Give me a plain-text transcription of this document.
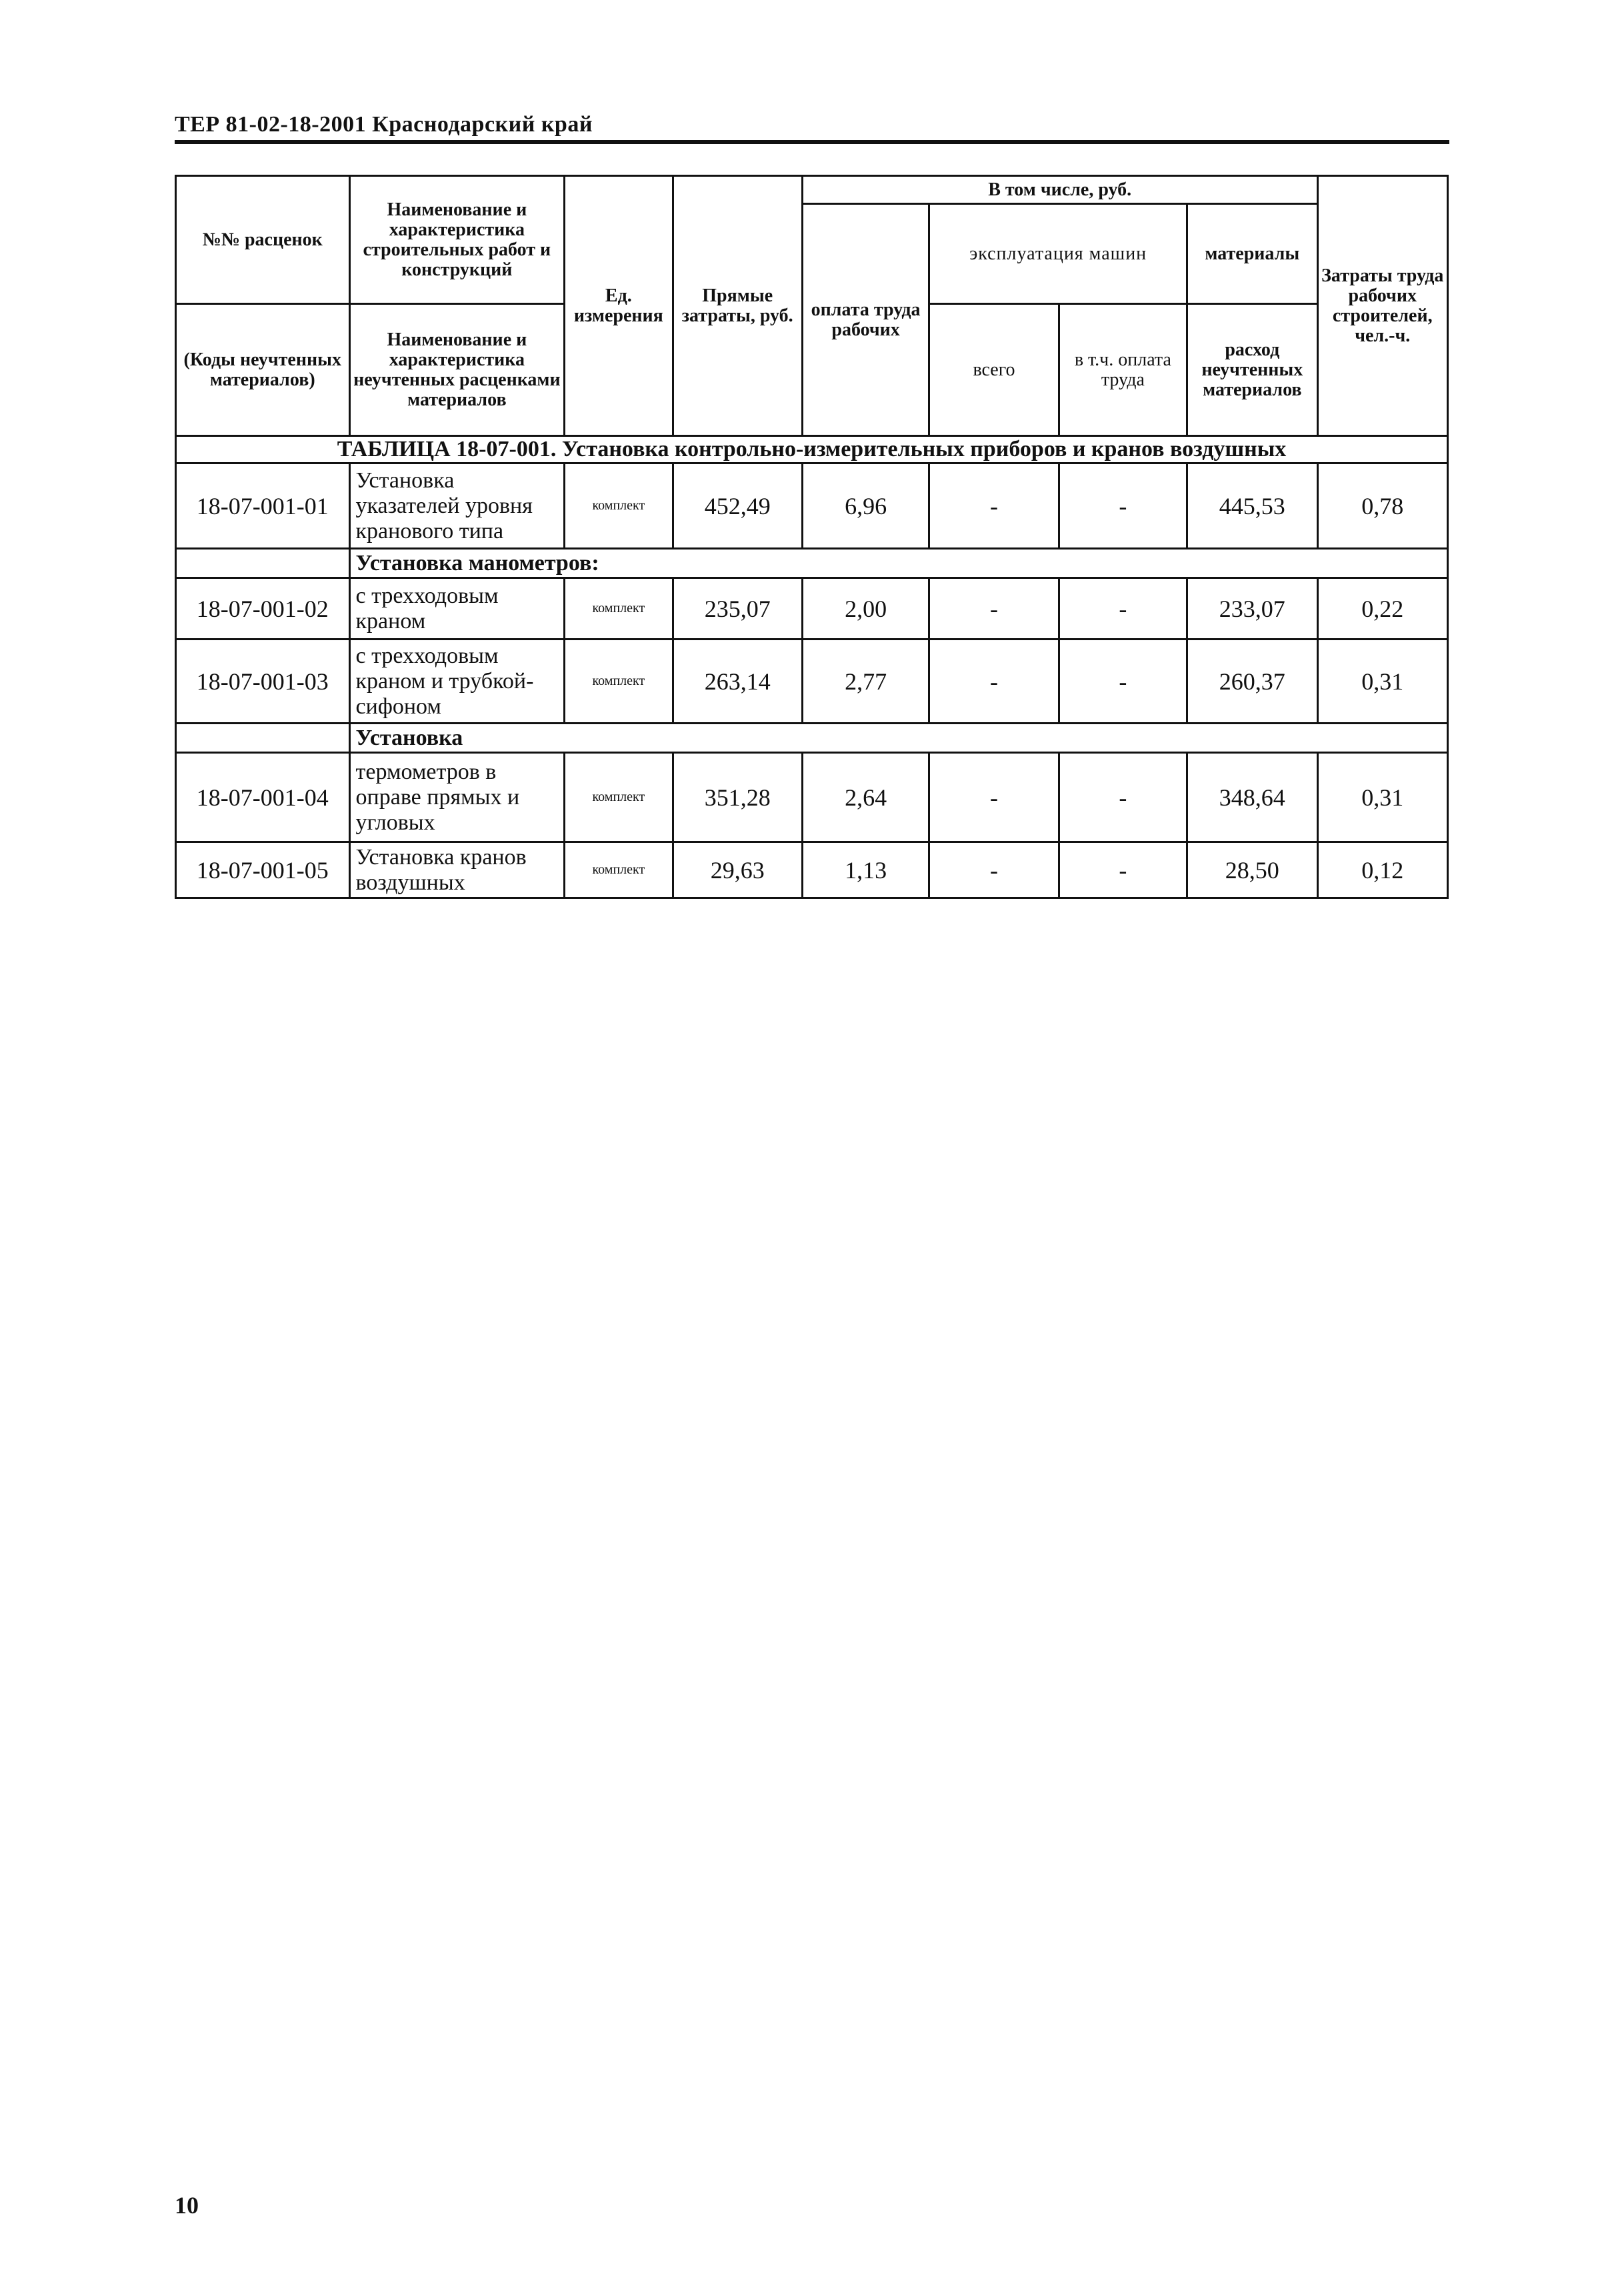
ТЕР 81-02-18-2001 Краснодарский край
№№ расценок	Наименование и характеристика строительных работ и конструкций	Ед. измерения	Прямые затраты, руб.	В том числе, руб.				Затраты труда рабочих строителей, чел.-ч.
				оплата труда рабочих	эксплуатация машин		материалы	
(Коды неучтенных материалов)	Наименование и характеристика неучтенных расценками материалов				всего	в т.ч. оплата труда	расход неучтенных материалов	

ТАБЛИЦА 18-07-001. Установка контрольно-измерительных приборов и кранов воздушных								
18-07-001-01	Установка указателей уровня кранового типа	комплект	452,49	6,96	-	-	445,53	0,78
	Установка манометров:							
18-07-001-02	с трехходовым краном	комплект	235,07	2,00	-	-	233,07	0,22
18-07-001-03	с трехходовым краном и трубкой-сифоном	комплект	263,14	2,77	-	-	260,37	0,31
	Установка							
18-07-001-04	термометров в оправе прямых и угловых	комплект	351,28	2,64	-	-	348,64	0,31
18-07-001-05	Установка кранов воздушных	комплект	29,63	1,13	-	-	28,50	0,12
10
